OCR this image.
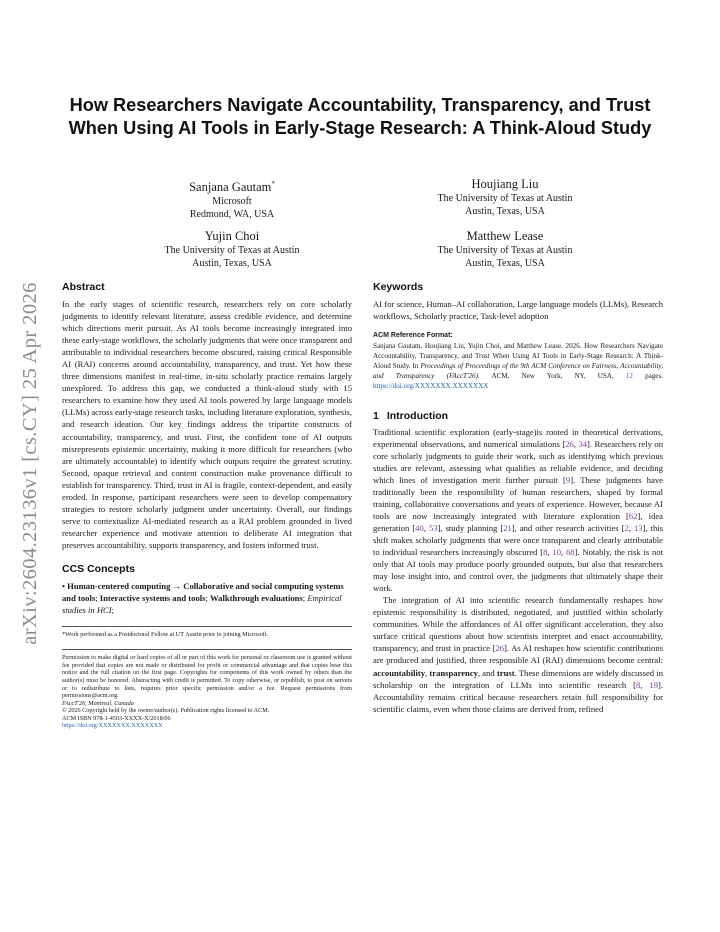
arXiv:2604.23136v1 [cs.CY] 25 Apr 2026
How Researchers Navigate Accountability, Transparency, and Trust When Using AI Tools in Early-Stage Research: A Think-Aloud Study
Sanjana Gautam*
Microsoft
Redmond, WA, USA
Houjiang Liu
The University of Texas at Austin
Austin, Texas, USA
Yujin Choi
The University of Texas at Austin
Austin, Texas, USA
Matthew Lease
The University of Texas at Austin
Austin, Texas, USA
Abstract
In the early stages of scientific research, researchers rely on core scholarly judgments to identify relevant literature, assess credible evidence, and determine which directions merit pursuit. As AI tools become increasingly integrated into these early-stage workflows, the scholarly judgments that were once transparent and attributable to individual researchers become obscured, raising critical Responsible AI (RAI) concerns around accountability, transparency, and trust. Yet how these three dimensions manifest in real-time, in-situ scholarly practice remains largely unexplored. To address this gap, we conducted a think-aloud study with 15 researchers to examine how they used AI tools powered by large language models (LLMs) across early-stage research tasks, including literature exploration, synthesis, and research ideation. Our key findings address the tripartite constructs of accountability, transparency, and trust. First, the confident tone of AI outputs misrepresents epistemic uncertainty, making it more difficult for researchers (who are ultimately accountable) to identify which outputs require the greatest scrutiny. Second, opaque retrieval and content construction make provenance difficult to establish for transparency. Third, trust in AI is fragile, context-dependent, and easily eroded. In response, participant researchers were seen to develop compensatory strategies to restore scholarly judgment under uncertainty. Overall, our findings serve to contextualize AI-mediated research as a RAI problem grounded in lived researcher experience and motivate attention to deliberate AI integration that preserves accountability, supports transparency, and fosters informed trust.
CCS Concepts
• Human-centered computing → Collaborative and social computing systems and tools; Interactive systems and tools; Walkthrough evaluations; Empirical studies in HCI;
*Work performed as a Postdoctoral Fellow at UT Austin prior to joining Microsoft.

Permission to make digital or hard copies of all or part of this work for personal or classroom use is granted without fee provided that copies are not made or distributed for profit or commercial advantage and that copies bear this notice and the full citation on the first page. Copyrights for components of this work owned by others than the author(s) must be honored. Abstracting with credit is permitted. To copy otherwise, or republish, to post on servers or to redistribute to lists, requires prior specific permission and/or a fee. Request permissions from permissions@acm.org.

FAccT'26, Montreal, Canada

© 2026 Copyright held by the owner/author(s). Publication rights licensed to ACM.

ACM ISBN 978-1-4503-XXXX-X/2018/06

https://doi.org/XXXXXXX.XXXXXXX

Keywords
AI for science, Human–AI collaboration, Large language models (LLMs), Research workflows, Scholarly practice, Task-level adoption
ACM Reference Format:
Sanjana Gautam, Houjiang Liu, Yujin Choi, and Matthew Lease. 2026. How Researchers Navigate Accountability, Transparency, and Trust When Using AI Tools in Early-Stage Research: A Think-Aloud Study. In Proceedings of Proceedings of the 9th ACM Conference on Fairness, Accountability, and Transparency (FAccT'26). ACM, New York, NY, USA, 12 pages. https://doi.org/XXXXXXX.XXXXXXX
1 Introduction

Traditional scientific exploration (early-stage)is rooted in theoretical derivations, experimental observations, and numerical simulations [26, 34]. Researchers rely on core scholarly judgments to guide their work, such as identifying which previous studies are relevant, assessing what qualifies as reliable evidence, and deciding which lines of investigation merit further pursuit [9]. These judgments have traditionally been the responsibility of human researchers, shaped by formal training, collaborative conversations and years of experience. However, because AI tools are now increasingly integrated with literature exploration [62], idea generation [40, 53], study planning [21], and other research activities [2, 13], this shift makes scholarly judgments that were once transparent and clearly attributable to individual researchers increasingly obscured [8, 10, 68]. Notably, the risk is not only that AI tools may produce poorly grounded outputs, but also that researchers may lose insight into, and control over, the judgments that ultimately shape their work.

The integration of AI into scientific research fundamentally reshapes how epistemic responsibility is distributed, negotiated, and justified within scholarly communities. While the affordances of AI offer significant acceleration, they also surface critical questions about how scientists interpret and enact accountability, transparency, and trust in practice [26]. As AI reshapes how scientific contributions are produced and justified, three responsible AI (RAI) dimensions become central: accountability, transparency, and trust. These dimensions are widely discussed in scholarship on the integration of LLMs into scientific research [8, 19]. Accountability remains critical because researchers retain full responsibility for scientific claims, even when those claims are derived from, refined
